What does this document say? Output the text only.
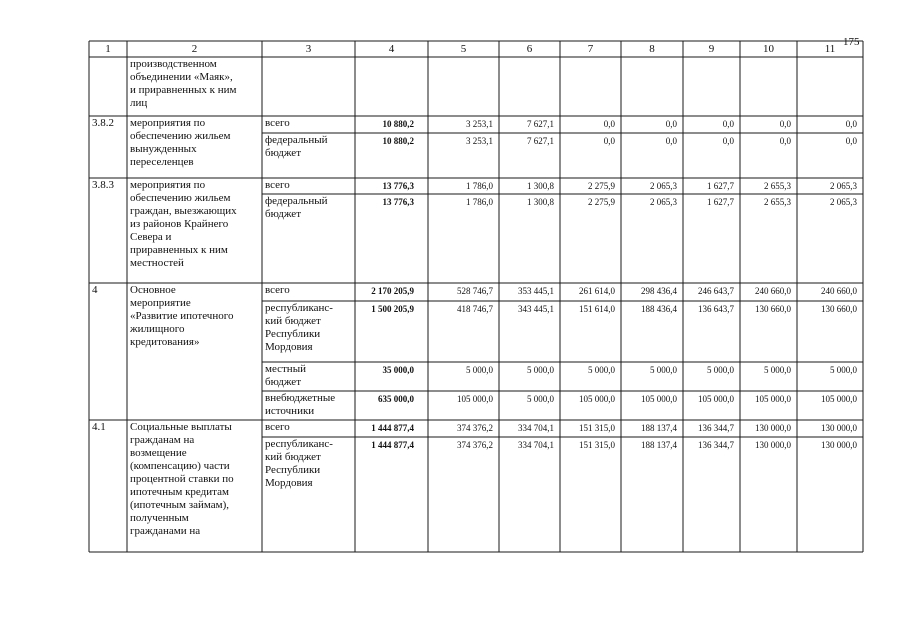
175
1	2	3	4	5	6	7	8	9	10	11
производственном
объединении «Маяк»,
и приравненных к ним
лиц
3.8.2 мероприятия по
обеспечению жильем
вынужденных
переселенцев
всего	10 880,2	3 253,1	7 627,1	0,0	0,0	0,0	0,0	0,0
федеральный
бюджет
10 880,2	3 253,1	7 627,1	0,0	0,0	0,0	0,0	0,0
3.8.3 мероприятия по
обеспечению жильем
граждан, выезжающих
из районов Крайнего
Севера и
приравненных к ним
местностей
всего	13 776,3	1 786,0	1 300,8	2 275,9	2 065,3	1 627,7	2 655,3	2 065,3
федеральный
бюджет
13 776,3	1 786,0	1 300,8	2 275,9	2 065,3	1 627,7	2 655,3	2 065,3
4	Основное
мероприятие
«Развитие ипотечного
жилищного
кредитования»
всего	2 170 205,9	528 746,7	353 445,1	261 614,0	298 436,4	246 643,7	240 660,0	240 660,0
республиканс-
кий бюджет
Республики
Мордовия
1 500 205,9	418 746,7	343 445,1	151 614,0	188 436,4	136 643,7	130 660,0	130 660,0
местный
бюджет
35 000,0	5 000,0	5 000,0	5 000,0	5 000,0	5 000,0	5 000,0	5 000,0
внебюджетные
источники
635 000,0	105 000,0	5 000,0	105 000,0	105 000,0	105 000,0	105 000,0	105 000,0
4.1 Социальные выплаты
гражданам на
возмещение
(компенсацию) части
процентной ставки по
ипотечным кредитам
(ипотечным займам),
полученным
гражданами на
всего	1 444 877,4	374 376,2	334 704,1	151 315,0	188 137,4	136 344,7	130 000,0	130 000,0
республиканс-
кий бюджет
Республики
Мордовия
1 444 877,4	374 376,2	334 704,1	151 315,0	188 137,4	136 344,7	130 000,0	130 000,0
